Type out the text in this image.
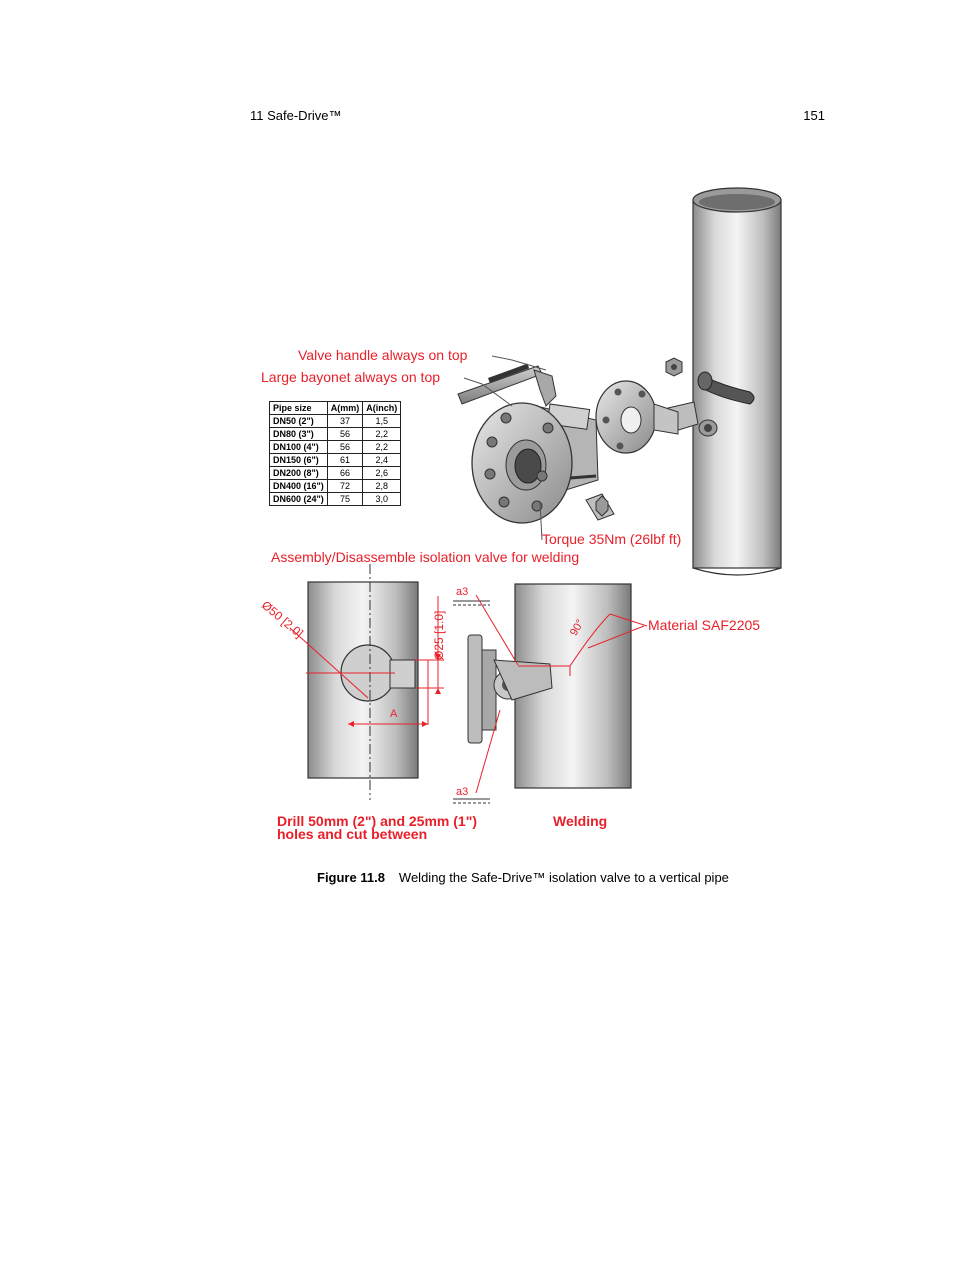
11 Safe-Drive™	151
Valve handle always on top
Large bayonet always on top
Torque 35Nm (26lbf ft)
Assembly/Disassemble isolation valve for welding
Ø50 [2.0]	Ø25 [1.0]
A
a3
a3
90°	Material SAF2205
Drill 50mm (2") and 25mm (1")
holes and cut between
Welding
Pipe size	A(mm)	A(inch)
DN50 (2")	37	1,5
DN80 (3")	56	2,2
DN100 (4")	56	2,2
DN150 (6")	61	2,4
DN200 (8")	66	2,6
DN400 (16")	72	2,8
DN600 (24")	75	3,0
Figure 11.8 Welding the Safe-Drive™ isolation valve to a vertical pipe
